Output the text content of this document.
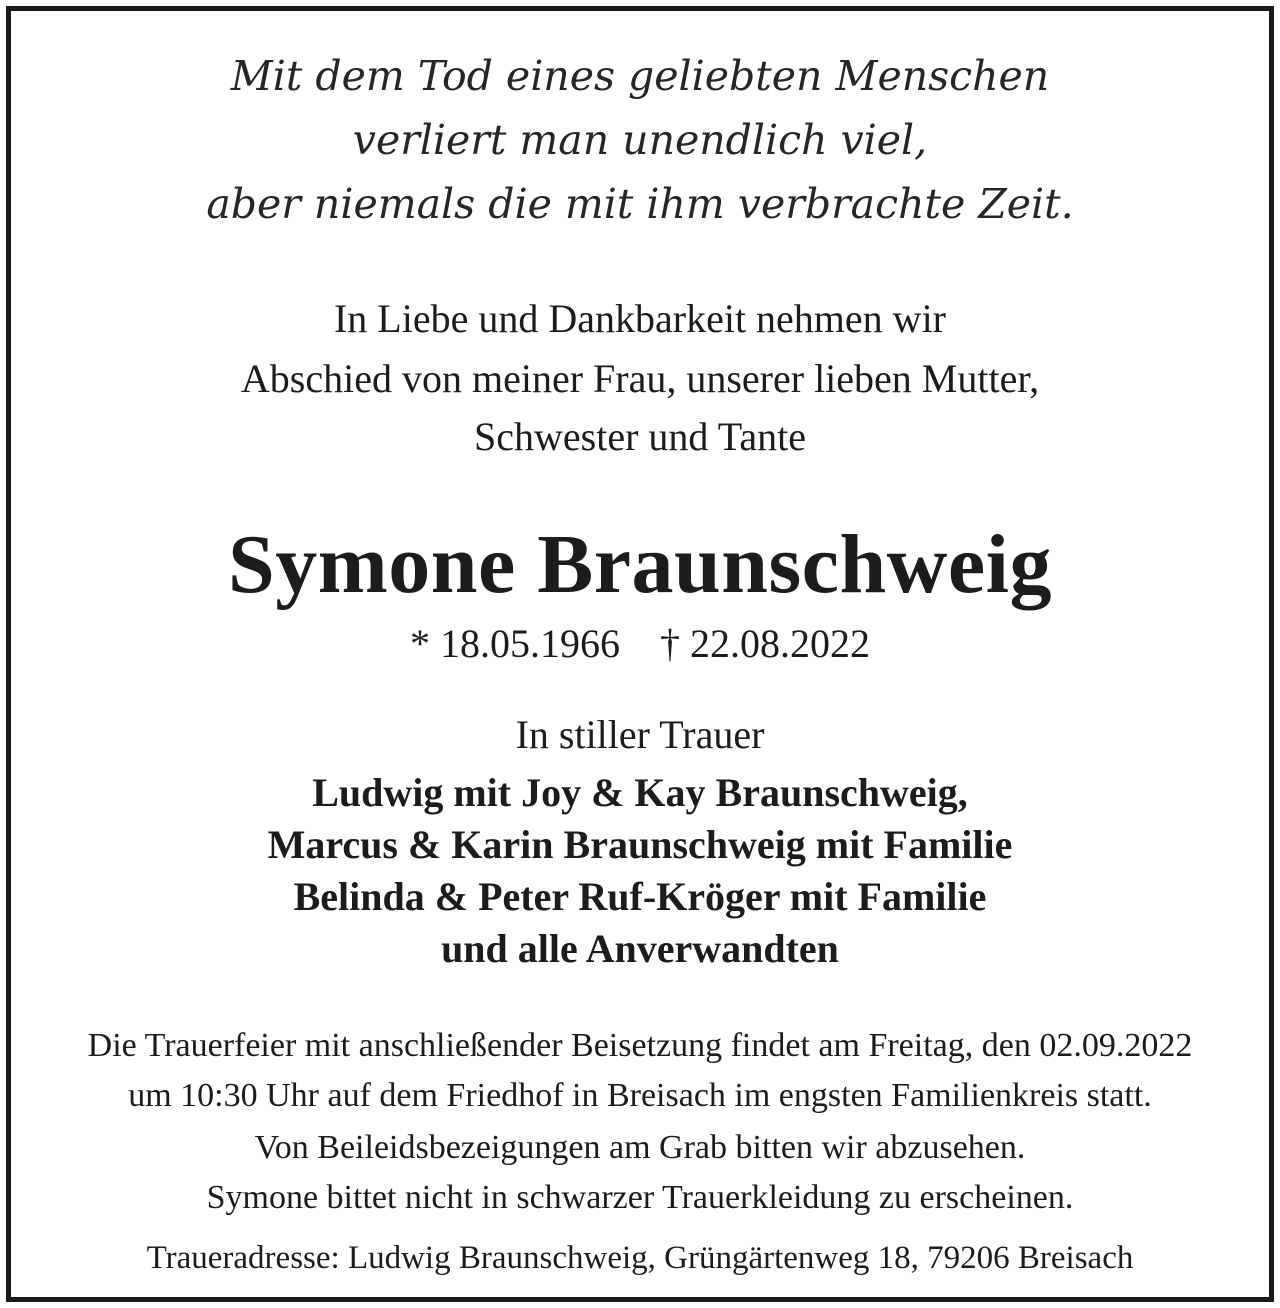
Mit dem Tod eines geliebten Menschen
verliert man unendlich viel,
aber niemals die mit ihm verbrachte Zeit.
In Liebe und Dankbarkeit nehmen wir
Abschied von meiner Frau, unserer lieben Mutter,
Schwester und Tante
Symone Braunschweig
* 18.05.1966 † 22.08.2022
In stiller Trauer
Ludwig mit Joy & Kay Braunschweig,
Marcus & Karin Braunschweig mit Familie
Belinda & Peter Ruf-Kröger mit Familie
und alle Anverwandten
Die Trauerfeier mit anschließender Beisetzung findet am Freitag, den 02.09.2022
um 10:30 Uhr auf dem Friedhof in Breisach im engsten Familienkreis statt.
Von Beileidsbezeigungen am Grab bitten wir abzusehen.
Symone bittet nicht in schwarzer Trauerkleidung zu erscheinen.
Traueradresse: Ludwig Braunschweig, Grüngärtenweg 18, 79206 Breisach
